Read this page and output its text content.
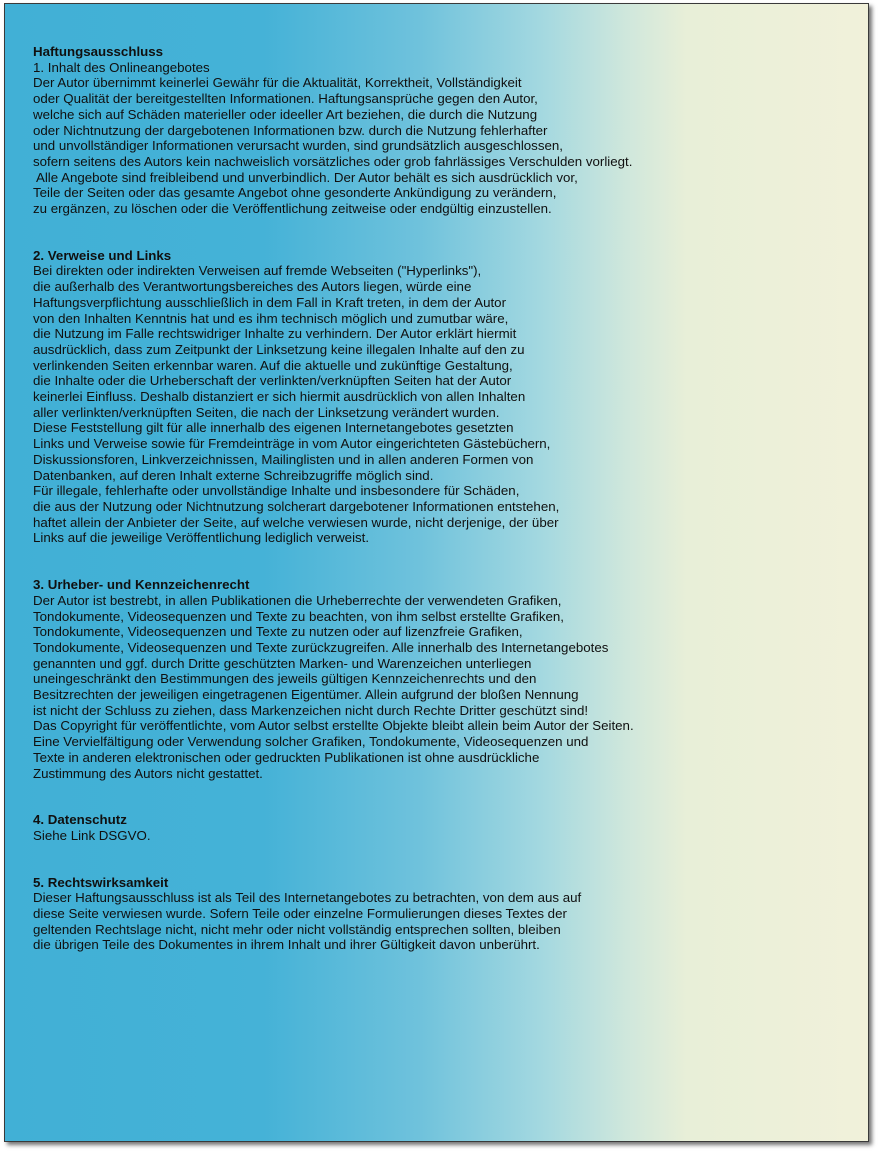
Haftungsausschluss
1. Inhalt des Onlineangebotes
Der Autor übernimmt keinerlei Gewähr für die Aktualität, Korrektheit, Vollständigkeit
oder Qualität der bereitgestellten Informationen. Haftungsansprüche gegen den Autor,
welche sich auf Schäden materieller oder ideeller Art beziehen, die durch die Nutzung
oder Nichtnutzung der dargebotenen Informationen bzw. durch die Nutzung fehlerhafter
und unvollständiger Informationen verursacht wurden, sind grundsätzlich ausgeschlossen,
sofern seitens des Autors kein nachweislich vorsätzliches oder grob fahrlässiges Verschulden vorliegt.
Alle Angebote sind freibleibend und unverbindlich. Der Autor behält es sich ausdrücklich vor,
Teile der Seiten oder das gesamte Angebot ohne gesonderte Ankündigung zu verändern,
zu ergänzen, zu löschen oder die Veröffentlichung zeitweise oder endgültig einzustellen.
2. Verweise und Links
Bei direkten oder indirekten Verweisen auf fremde Webseiten ("Hyperlinks"),
die außerhalb des Verantwortungsbereiches des Autors liegen, würde eine
Haftungsverpflichtung ausschließlich in dem Fall in Kraft treten, in dem der Autor
von den Inhalten Kenntnis hat und es ihm technisch möglich und zumutbar wäre,
die Nutzung im Falle rechtswidriger Inhalte zu verhindern. Der Autor erklärt hiermit
ausdrücklich, dass zum Zeitpunkt der Linksetzung keine illegalen Inhalte auf den zu
verlinkenden Seiten erkennbar waren. Auf die aktuelle und zukünftige Gestaltung,
die Inhalte oder die Urheberschaft der verlinkten/verknüpften Seiten hat der Autor
keinerlei Einfluss. Deshalb distanziert er sich hiermit ausdrücklich von allen Inhalten
aller verlinkten/verknüpften Seiten, die nach der Linksetzung verändert wurden.
Diese Feststellung gilt für alle innerhalb des eigenen Internetangebotes gesetzten
Links und Verweise sowie für Fremdeinträge in vom Autor eingerichteten Gästebüchern,
Diskussionsforen, Linkverzeichnissen, Mailinglisten und in allen anderen Formen von
Datenbanken, auf deren Inhalt externe Schreibzugriffe möglich sind.
Für illegale, fehlerhafte oder unvollständige Inhalte und insbesondere für Schäden,
die aus der Nutzung oder Nichtnutzung solcherart dargebotener Informationen entstehen,
haftet allein der Anbieter der Seite, auf welche verwiesen wurde, nicht derjenige, der über
Links auf die jeweilige Veröffentlichung lediglich verweist.
3. Urheber- und Kennzeichenrecht
Der Autor ist bestrebt, in allen Publikationen die Urheberrechte der verwendeten Grafiken,
Tondokumente, Videosequenzen und Texte zu beachten, von ihm selbst erstellte Grafiken,
Tondokumente, Videosequenzen und Texte zu nutzen oder auf lizenzfreie Grafiken,
Tondokumente, Videosequenzen und Texte zurückzugreifen. Alle innerhalb des Internetangebotes
genannten und ggf. durch Dritte geschützten Marken- und Warenzeichen unterliegen
uneingeschränkt den Bestimmungen des jeweils gültigen Kennzeichenrechts und den
Besitzrechten der jeweiligen eingetragenen Eigentümer. Allein aufgrund der bloßen Nennung
ist nicht der Schluss zu ziehen, dass Markenzeichen nicht durch Rechte Dritter geschützt sind!
Das Copyright für veröffentlichte, vom Autor selbst erstellte Objekte bleibt allein beim Autor der Seiten.
Eine Vervielfältigung oder Verwendung solcher Grafiken, Tondokumente, Videosequenzen und
Texte in anderen elektronischen oder gedruckten Publikationen ist ohne ausdrückliche
Zustimmung des Autors nicht gestattet.
4. Datenschutz
Siehe Link DSGVO.
5. Rechtswirksamkeit
Dieser Haftungsausschluss ist als Teil des Internetangebotes zu betrachten, von dem aus auf
diese Seite verwiesen wurde. Sofern Teile oder einzelne Formulierungen dieses Textes der
geltenden Rechtslage nicht, nicht mehr oder nicht vollständig entsprechen sollten, bleiben
die übrigen Teile des Dokumentes in ihrem Inhalt und ihrer Gültigkeit davon unberührt.
